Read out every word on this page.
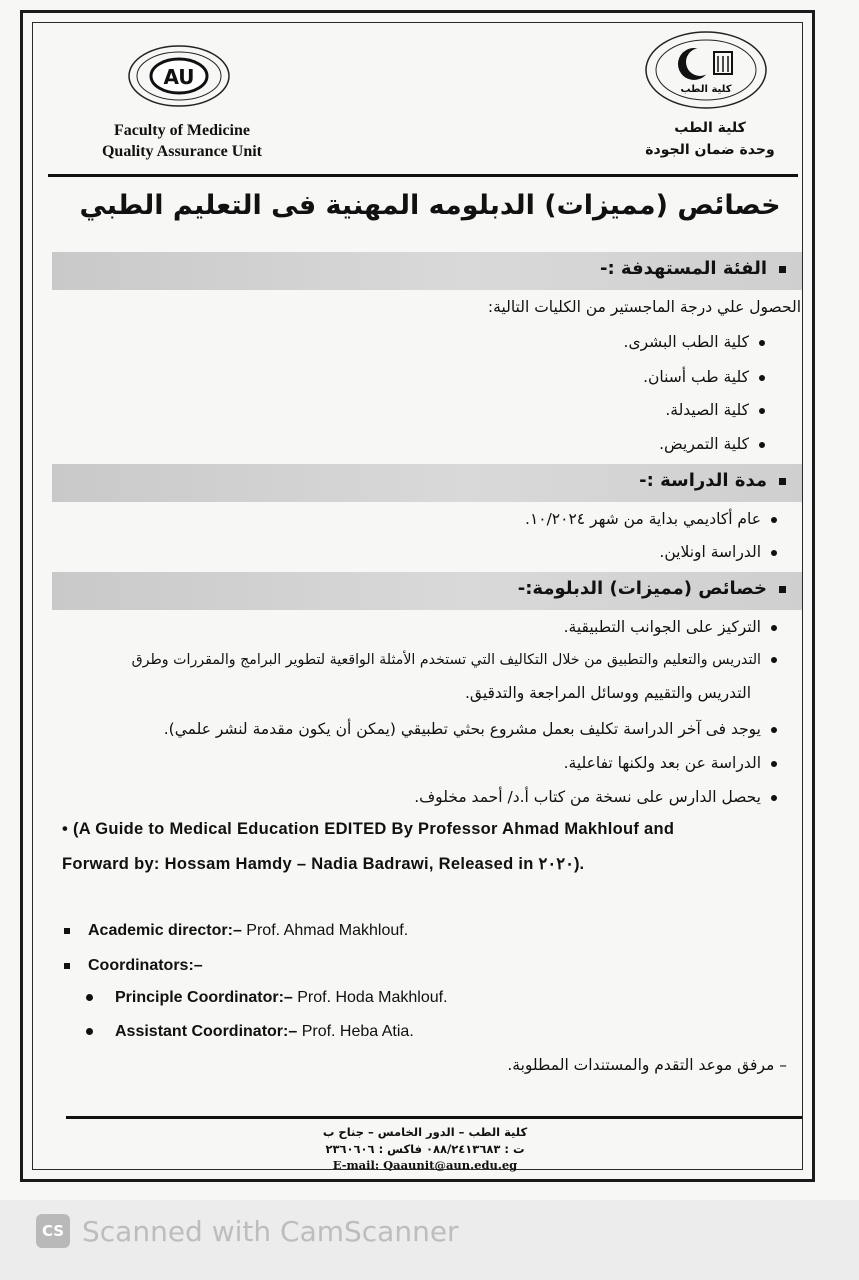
AU
كلية الطب
Faculty of Medicine
Quality Assurance Unit
كلية الطب
وحدة ضمان الجودة
خصائص (مميزات) الدبلومه المهنية فى التعليم الطبي
الفئة المستهدفة :-
الحصول علي درجة الماجستير من الكليات التالية:
كلية الطب البشرى.
كلية طب أسنان.
كلية الصيدلة.
كلية التمريض.
مدة الدراسة :-
عام أكاديمي بداية من شهر ١٠/٢٠٢٤.
الدراسة اونلاين.
خصائص (مميزات) الدبلومة:-
التركيز على الجوانب التطبيقية.
التدريس والتعليم والتطبيق من خلال التكاليف التي تستخدم الأمثلة الواقعية لتطوير البرامج والمقررات وطرق
التدريس والتقييم ووسائل المراجعة والتدقيق.
يوجد فى آخر الدراسة تكليف بعمل مشروع بحثي تطبيقي (يمكن أن يكون مقدمة لنشر علمي).
الدراسة عن بعد ولكنها تفاعلية.
يحصل الدارس على نسخة من كتاب أ.د/ أحمد مخلوف.
• (A Guide to Medical Education EDITED By Professor Ahmad Makhlouf and
Forward by: Hossam Hamdy – Nadia Badrawi, Released in ٢٠٢٠).
Academic director:– Prof. Ahmad Makhlouf.
Coordinators:–
Principle Coordinator:– Prof. Hoda Makhlouf.
Assistant Coordinator:– Prof. Heba Atia.
– مرفق موعد التقدم والمستندات المطلوبة.
كلية الطب – الدور الخامس – جناح ب
ت : ٠٨٨/٢٤١٣٦٨٣ فاكس : ٢٣٦٠٦٠٦
E-mail: Qaaunit@aun.edu.eg
CS Scanned with CamScanner
